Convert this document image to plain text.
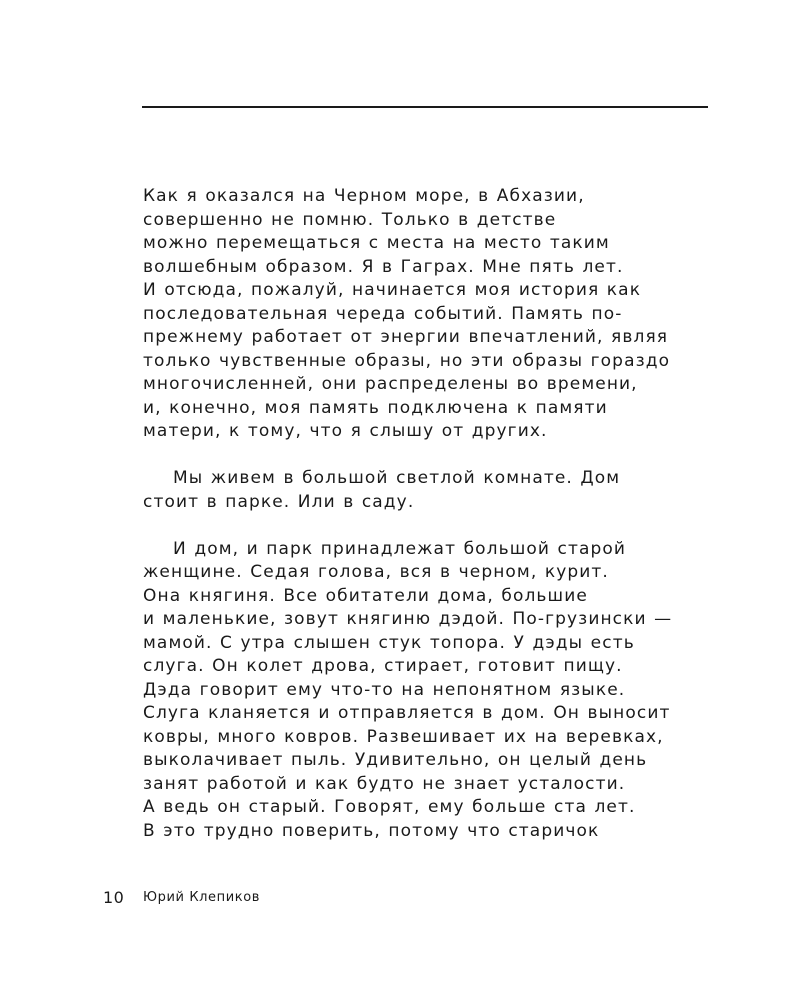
Как я оказался на Черном море, в Абхазии,
совершенно не помню. Только в детстве
можно перемещаться с места на место таким
волшебным образом. Я в Гаграх. Мне пять лет.
И отсюда, пожалуй, начинается моя история как
последовательная череда событий. Память по-
прежнему работает от энергии впечатлений, являя
только чувственные образы, но эти образы гораздо
многочисленней, они распределены во времени,
и, конечно, моя память подключена к памяти
матери, к тому, что я слышу от других.

Мы живем в большой светлой комнате. Дом
стоит в парке. Или в саду.

И дом, и парк принадлежат большой старой
женщине. Седая голова, вся в черном, курит.
Она княгиня. Все обитатели дома, большие
и маленькие, зовут княгиню дэдой. По-грузински —
мамой. С утра слышен стук топора. У дэды есть
слуга. Он колет дрова, стирает, готовит пищу.
Дэда говорит ему что-то на непонятном языке.
Слуга кланяется и отправляется в дом. Он выносит
ковры, много ковров. Развешивает их на веревках,
выколачивает пыль. Удивительно, он целый день
занят работой и как будто не знает усталости.
А ведь он старый. Говорят, ему больше ста лет.
В это трудно поверить, потому что старичок

10 Юрий Клепиков
